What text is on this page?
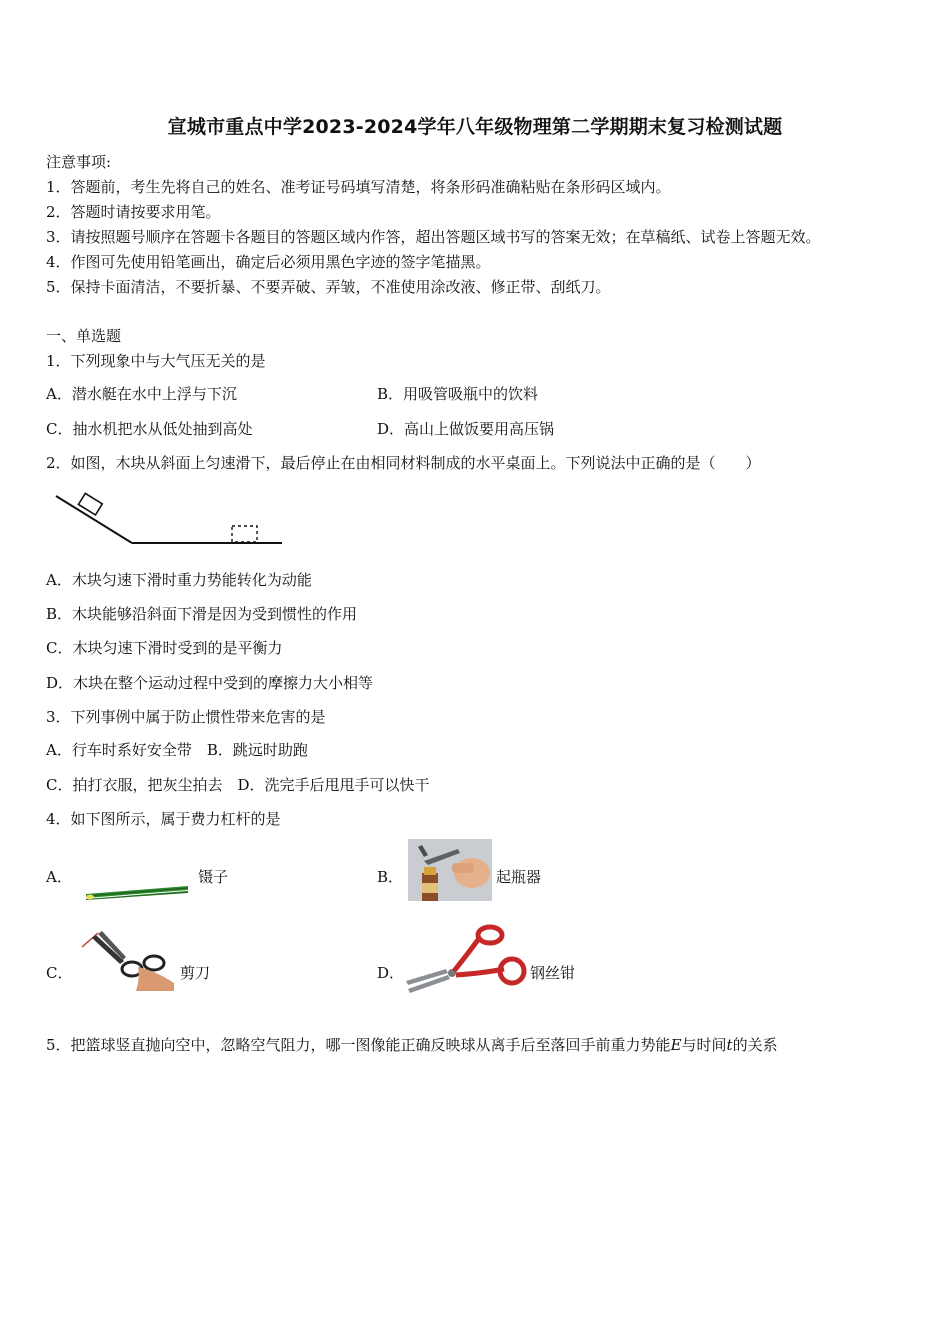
宣城市重点中学2023-2024学年八年级物理第二学期期末复习检测试题
注意事项:
1．答题前，考生先将自己的姓名、准考证号码填写清楚，将条形码准确粘贴在条形码区域内。
2．答题时请按要求用笔。
3．请按照题号顺序在答题卡各题目的答题区域内作答，超出答题区域书写的答案无效；在草稿纸、试卷上答题无效。
4．作图可先使用铅笔画出，确定后必须用黑色字迹的签字笔描黑。
5．保持卡面清洁，不要折暴、不要弄破、弄皱，不准使用涂改液、修正带、刮纸刀。
一、单选题
1．下列现象中与大气压无关的是
A．潜水艇在水中上浮与下沉	B．用吸管吸瓶中的饮料
C．抽水机把水从低处抽到高处	D．高山上做饭要用高压锅
2．如图，木块从斜面上匀速滑下，最后停止在由相同材料制成的水平桌面上。下列说法中正确的是（　　）
A．木块匀速下滑时重力势能转化为动能
B．木块能够沿斜面下滑是因为受到惯性的作用
C．木块匀速下滑时受到的是平衡力
D．木块在整个运动过程中受到的摩擦力大小相等
3．下列事例中属于防止惯性带来危害的是
A．行车时系好安全带　B．跳远时助跑
C．拍打衣服，把灰尘拍去　D．洗完手后甩甩手可以快干
4．如下图所示，属于费力杠杆的是
A．	镊子	B．	起瓶器
C．	剪刀	D．	钢丝钳
5．把篮球竖直抛向空中，忽略空气阻力，哪一图像能正确反映球从离手后至落回手前重力势能E与时间t的关系
